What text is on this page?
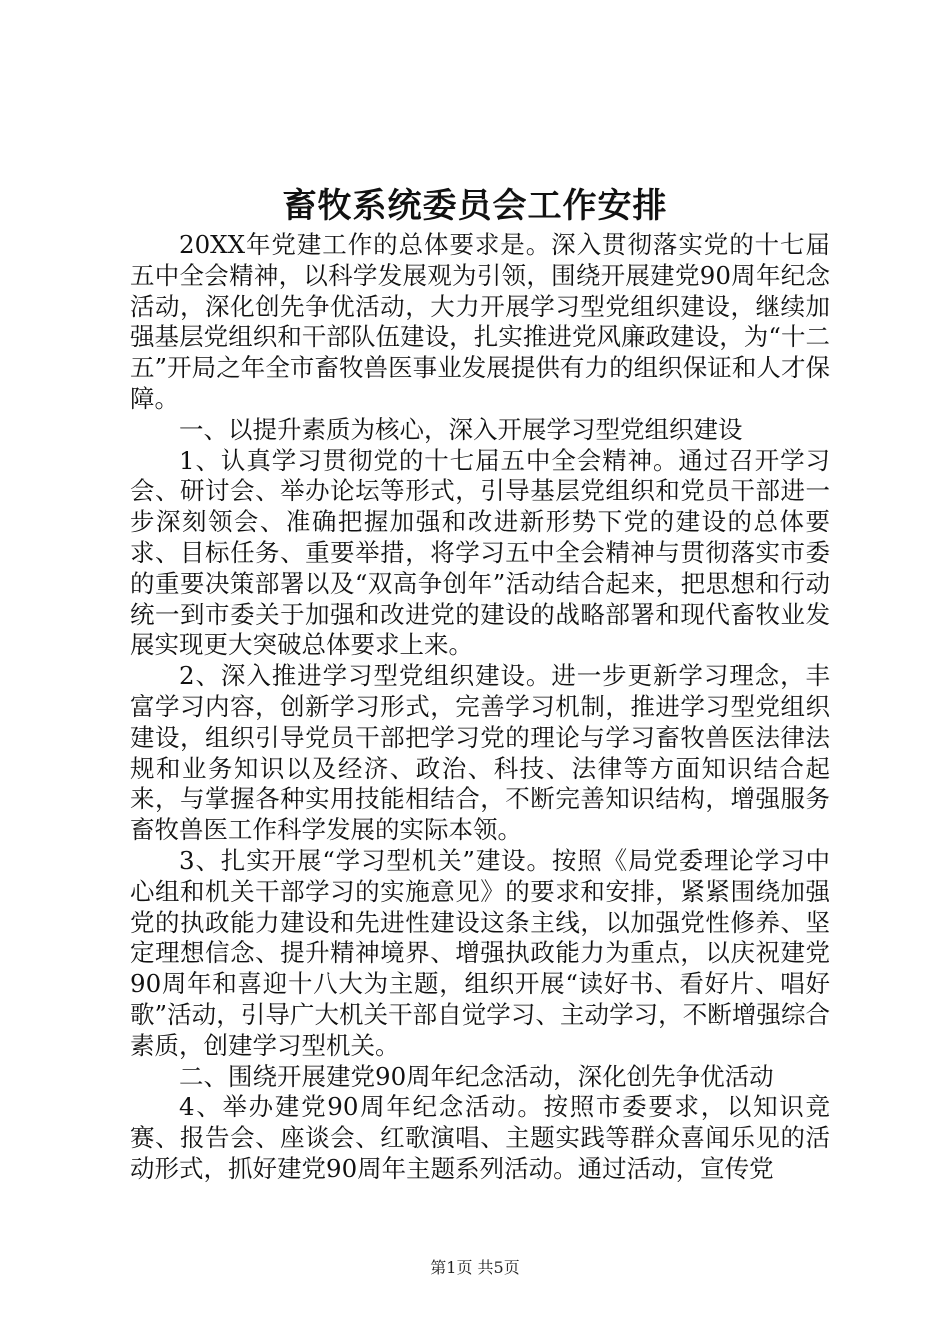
畜牧系统委员会工作安排

20XX年党建工作的总体要求是。深入贯彻落实党的十七届五中全会精神，以科学发展观为引领，围绕开展建党90周年纪念活动，深化创先争优活动，大力开展学习型党组织建设，继续加强基层党组织和干部队伍建设，扎实推进党风廉政建设，为“十二五”开局之年全市畜牧兽医事业发展提供有力的组织保证和人才保障。

一、以提升素质为核心，深入开展学习型党组织建设

1、认真学习贯彻党的十七届五中全会精神。通过召开学习会、研讨会、举办论坛等形式，引导基层党组织和党员干部进一步深刻领会、准确把握加强和改进新形势下党的建设的总体要求、目标任务、重要举措，将学习五中全会精神与贯彻落实市委的重要决策部署以及“双高争创年”活动结合起来，把思想和行动统一到市委关于加强和改进党的建设的战略部署和现代畜牧业发展实现更大突破总体要求上来。

2、深入推进学习型党组织建设。进一步更新学习理念，丰富学习内容，创新学习形式，完善学习机制，推进学习型党组织建设，组织引导党员干部把学习党的理论与学习畜牧兽医法律法规和业务知识以及经济、政治、科技、法律等方面知识结合起来，与掌握各种实用技能相结合，不断完善知识结构，增强服务畜牧兽医工作科学发展的实际本领。

3、扎实开展“学习型机关”建设。按照《局党委理论学习中心组和机关干部学习的实施意见》的要求和安排，紧紧围绕加强党的执政能力建设和先进性建设这条主线，以加强党性修养、坚定理想信念、提升精神境界、增强执政能力为重点，以庆祝建党90周年和喜迎十八大为主题，组织开展“读好书、看好片、唱好歌”活动，引导广大机关干部自觉学习、主动学习，不断增强综合素质，创建学习型机关。

二、围绕开展建党90周年纪念活动，深化创先争优活动

4、举办建党90周年纪念活动。按照市委要求，以知识竞赛、报告会、座谈会、红歌演唱、主题实践等群众喜闻乐见的活动形式，抓好建党90周年主题系列活动。通过活动，宣传党

第1页 共5页
